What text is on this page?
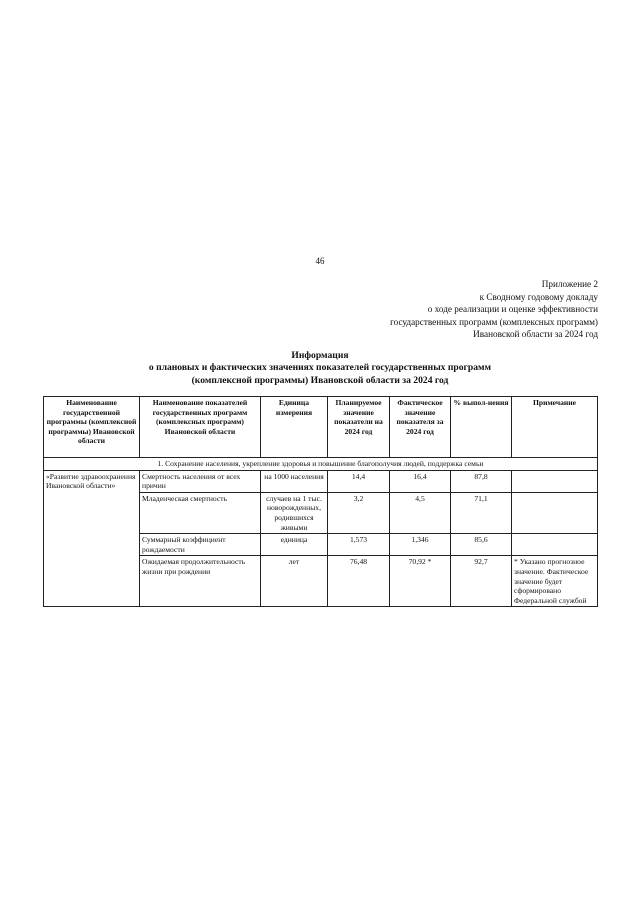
46
Приложение 2
к Сводному годовому докладу
о ходе реализации и оценке эффективности
государственных программ (комплексных программ)
Ивановской области за 2024 год
Информация
о плановых и фактических значениях показателей государственных программ
(комплексной программы) Ивановской области за 2024 год
Наименование государственной программы (комплексной программы) Ивановской области	Наименование показателей государственных программ (комплексных программ) Ивановской области	Единица измерения	Планируемое значение показатели на 2024 год	Фактическое значение показателя за 2024 год	% выпол-нения	Примечание
1. Сохранение населения, укрепление здоровья и повышение благополучия людей, поддержка семьи						
«Развитие здравоохранения Ивановской области»	Смертность населения от всех причин	на 1000 населения	14,4	16,4	87,8	
	Младенческая смертность	случаев на 1 тыс. новорожденных, родившихся живыми	3,2	4,5	71,1	
	Суммарный коэффициент рождаемости	единица	1,573	1,346	85,6	
	Ожидаемая продолжительность жизни при рождении	лет	76,48	70,92 *	92,7	* Указано прогнозное значение. Фактическое значение будет сформировано Федеральной службой
